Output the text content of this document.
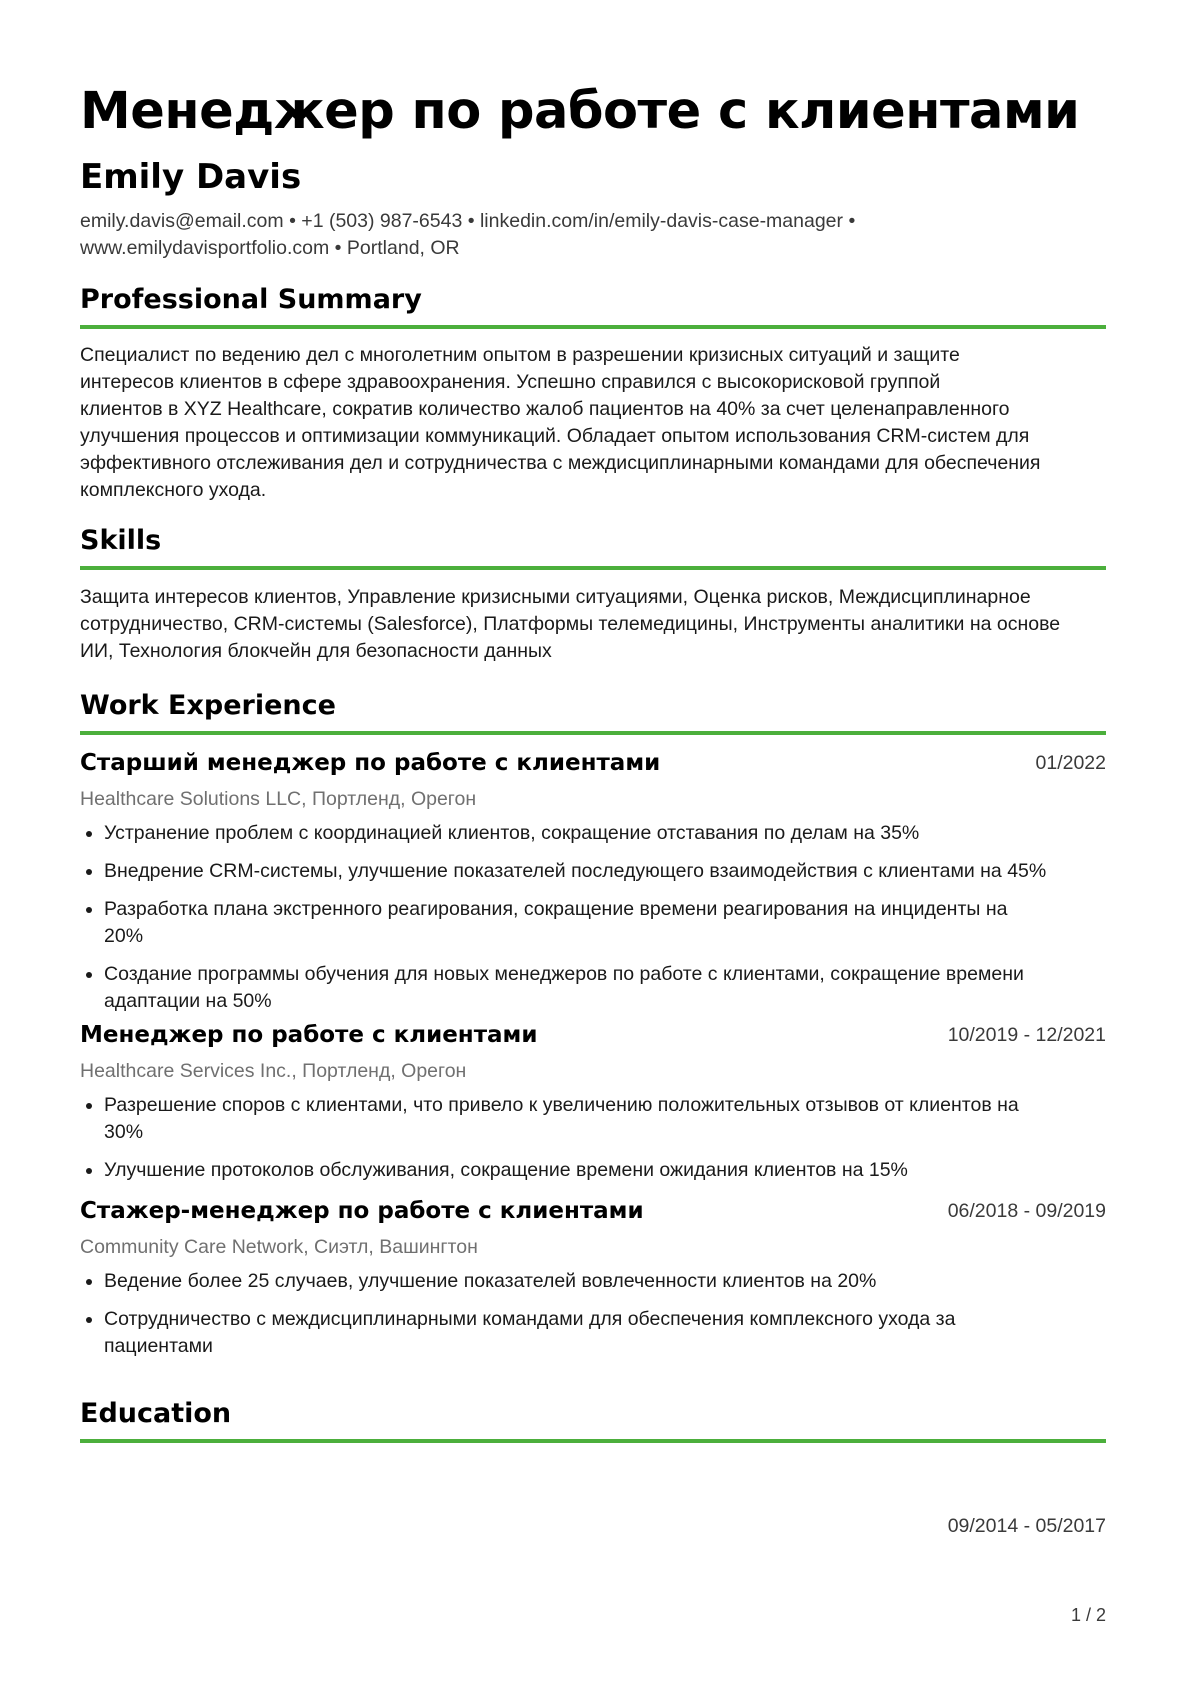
Менеджер по работе с клиентами
Emily Davis
emily.davis@email.com • +1 (503) 987-6543 • linkedin.com/in/emily-davis-case-manager •
www.emilydavisportfolio.com • Portland, OR
Professional Summary
Специалист по ведению дел с многолетним опытом в разрешении кризисных ситуаций и защите
интересов клиентов в сфере здравоохранения. Успешно справился с высокорисковой группой
клиентов в XYZ Healthcare, сократив количество жалоб пациентов на 40% за счет целенаправленного
улучшения процессов и оптимизации коммуникаций. Обладает опытом использования CRM-систем для
эффективного отслеживания дел и сотрудничества с междисциплинарными командами для обеспечения
комплексного ухода.
Skills
Защита интересов клиентов, Управление кризисными ситуациями, Оценка рисков, Междисциплинарное
сотрудничество, CRM-системы (Salesforce), Платформы телемедицины, Инструменты аналитики на основе
ИИ, Технология блокчейн для безопасности данных
Work Experience
Старший менеджер по работе с клиентами	01/2022
Healthcare Solutions LLC, Портленд, Орегон
Устранение проблем с координацией клиентов, сокращение отставания по делам на 35%
Внедрение CRM-системы, улучшение показателей последующего взаимодействия с клиентами на 45%
Разработка плана экстренного реагирования, сокращение времени реагирования на инциденты на
20%
Создание программы обучения для новых менеджеров по работе с клиентами, сокращение времени
адаптации на 50%
Менеджер по работе с клиентами	10/2019 - 12/2021
Healthcare Services Inc., Портленд, Орегон
Разрешение споров с клиентами, что привело к увеличению положительных отзывов от клиентов на
30%
Улучшение протоколов обслуживания, сокращение времени ожидания клиентов на 15%
Стажер-менеджер по работе с клиентами	06/2018 - 09/2019
Community Care Network, Сиэтл, Вашингтон
Ведение более 25 случаев, улучшение показателей вовлеченности клиентов на 20%
Сотрудничество с междисциплинарными командами для обеспечения комплексного ухода за
пациентами
Education
09/2014 - 05/2017
1 / 2
